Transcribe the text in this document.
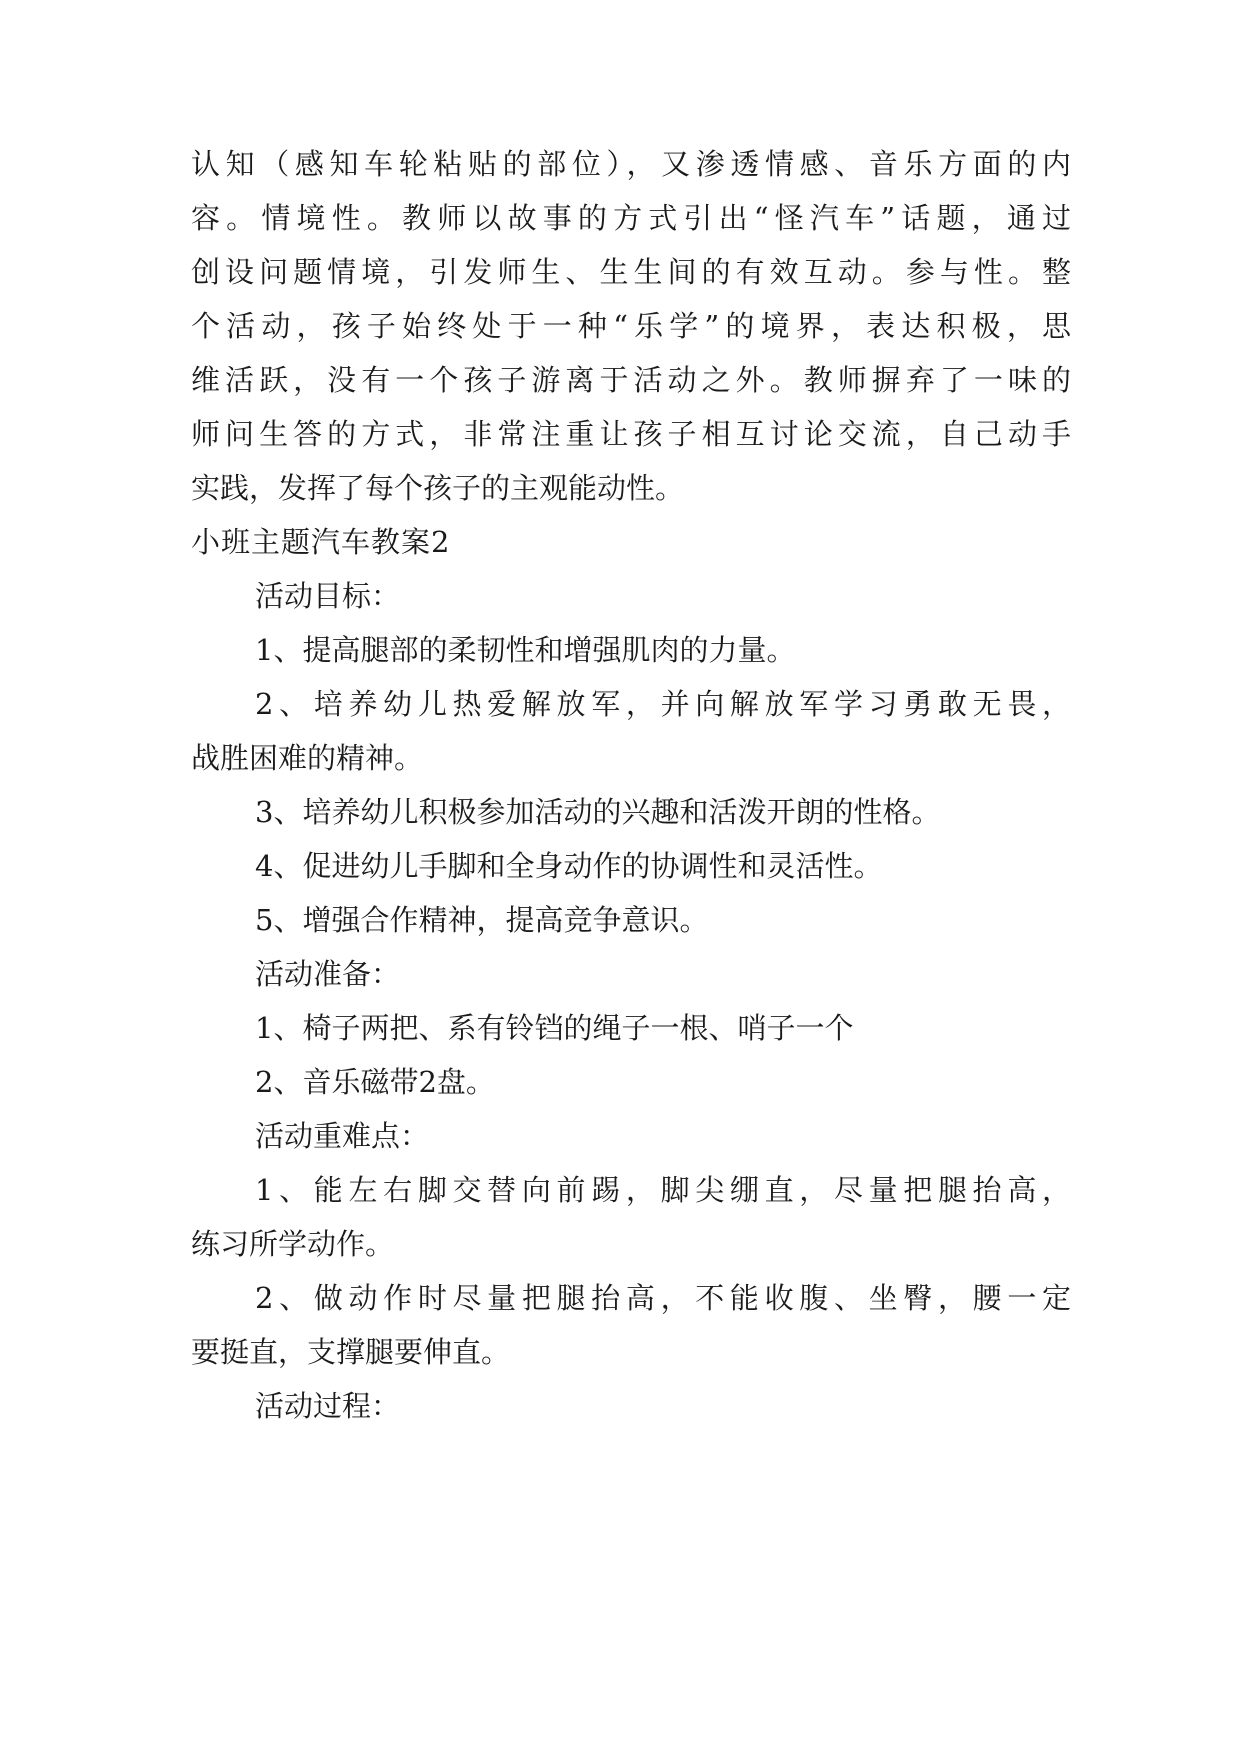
认知（感知车轮粘贴的部位），又渗透情感、音乐方面的内
容。情境性。教师以故事的方式引出“怪汽车”话题，通过
创设问题情境，引发师生、生生间的有效互动。参与性。整
个活动，孩子始终处于一种“乐学”的境界，表达积极，思
维活跃，没有一个孩子游离于活动之外。教师摒弃了一味的
师问生答的方式，非常注重让孩子相互讨论交流，自己动手
实践，发挥了每个孩子的主观能动性。
小班主题汽车教案2
活动目标：
1、提高腿部的柔韧性和增强肌肉的力量。
2、培养幼儿热爱解放军，并向解放军学习勇敢无畏，
战胜困难的精神。
3、培养幼儿积极参加活动的兴趣和活泼开朗的性格。
4、促进幼儿手脚和全身动作的协调性和灵活性。
5、增强合作精神，提高竞争意识。
活动准备：
1、椅子两把、系有铃铛的绳子一根、哨子一个
2、音乐磁带2盘。
活动重难点：
1、能左右脚交替向前踢，脚尖绷直，尽量把腿抬高，
练习所学动作。
2、做动作时尽量把腿抬高，不能收腹、坐臀，腰一定
要挺直，支撑腿要伸直。
活动过程：
